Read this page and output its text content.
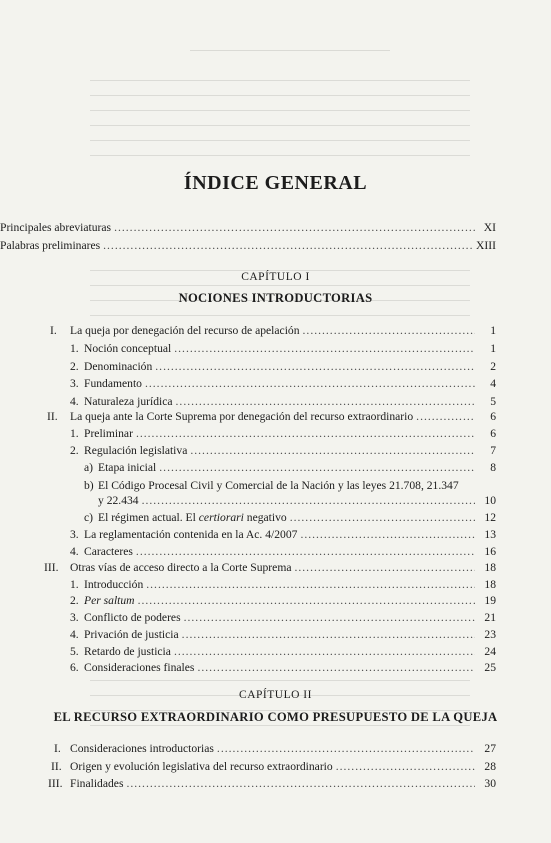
ÍNDICE GENERAL
Principales abreviaturas .....	XI
Palabras preliminares .....	XIII
CAPÍTULO I
NOCIONES INTRODUCTORIAS
I. La queja por denegación del recurso de apelación .....	1
1. Noción conceptual .....	1
2. Denominación .....	2
3. Fundamento .....	4
4. Naturaleza jurídica .....	5
II. La queja ante la Corte Suprema por denegación del recurso extraordinario .....	6
1. Preliminar .....	6
2. Regulación legislativa .....	7
a) Etapa inicial .....	8
b) El Código Procesal Civil y Comercial de la Nación y las leyes 21.708, 21.347
y 22.434 .....	10
c) El régimen actual. El certiorari negativo .....	12
3. La reglamentación contenida en la Ac. 4/2007 .....	13
4. Caracteres .....	16
III. Otras vías de acceso directo a la Corte Suprema .....	18
1. Introducción .....	18
2. Per saltum .....	19
3. Conflicto de poderes .....	21
4. Privación de justicia .....	23
5. Retardo de justicia .....	24
6. Consideraciones finales .....	25
CAPÍTULO II
EL RECURSO EXTRAORDINARIO COMO PRESUPUESTO DE LA QUEJA
I. Consideraciones introductorias .....	27
II. Origen y evolución legislativa del recurso extraordinario .....	28
III. Finalidades .....	30
